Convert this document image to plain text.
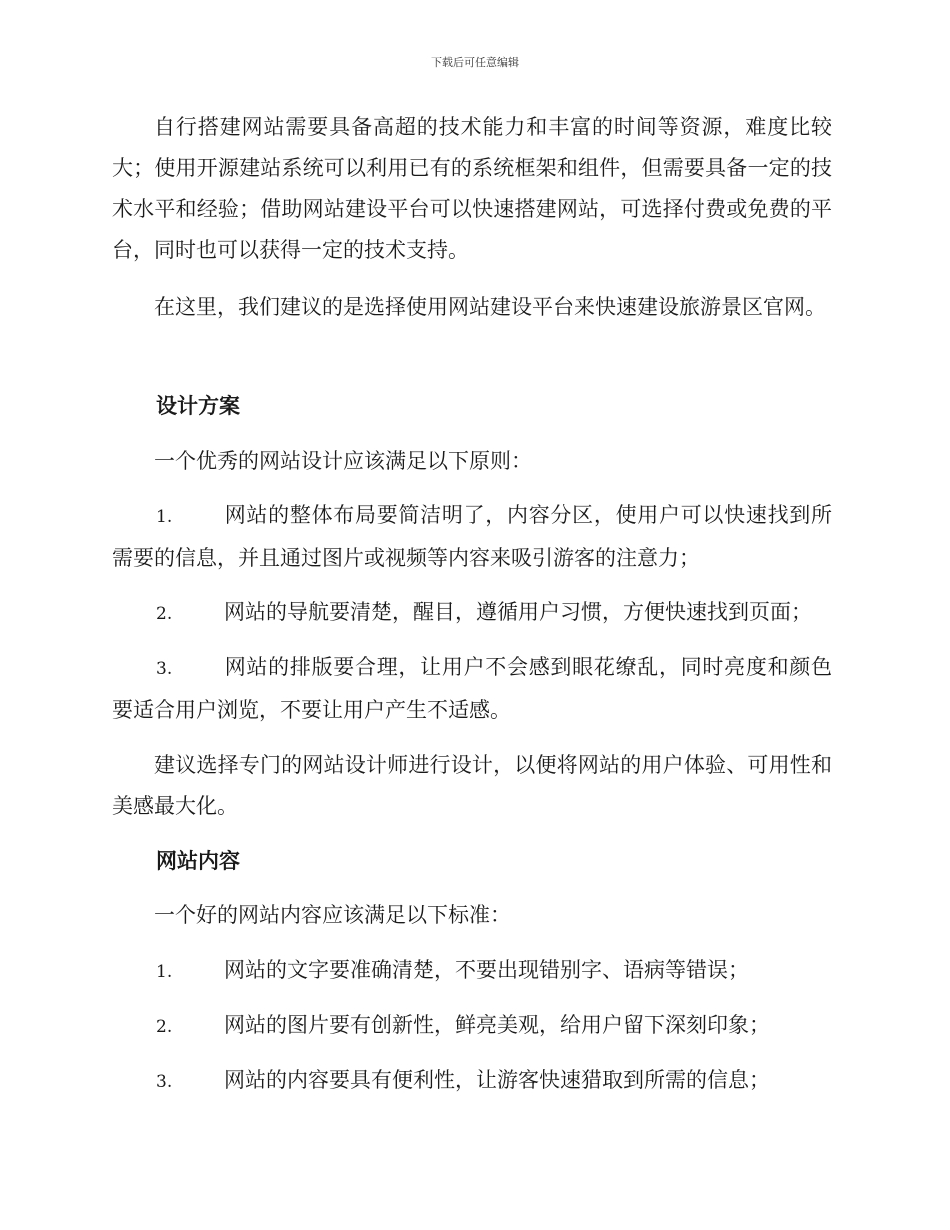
下载后可任意编辑

自行搭建网站需要具备高超的技术能力和丰富的时间等资源，难度比较大；使用开源建站系统可以利用已有的系统框架和组件，但需要具备一定的技术水平和经验；借助网站建设平台可以快速搭建网站，可选择付费或免费的平台，同时也可以获得一定的技术支持。

在这里，我们建议的是选择使用网站建设平台来快速建设旅游景区官网。

设计方案

一个优秀的网站设计应该满足以下原则：

1. 网站的整体布局要简洁明了，内容分区，使用户可以快速找到所需要的信息，并且通过图片或视频等内容来吸引游客的注意力；

2. 网站的导航要清楚，醒目，遵循用户习惯，方便快速找到页面；

3. 网站的排版要合理，让用户不会感到眼花缭乱，同时亮度和颜色要适合用户浏览，不要让用户产生不适感。

建议选择专门的网站设计师进行设计，以便将网站的用户体验、可用性和美感最大化。

网站内容

一个好的网站内容应该满足以下标准：

1. 网站的文字要准确清楚，不要出现错别字、语病等错误；

2. 网站的图片要有创新性，鲜亮美观，给用户留下深刻印象；

3. 网站的内容要具有便利性，让游客快速猎取到所需的信息；
